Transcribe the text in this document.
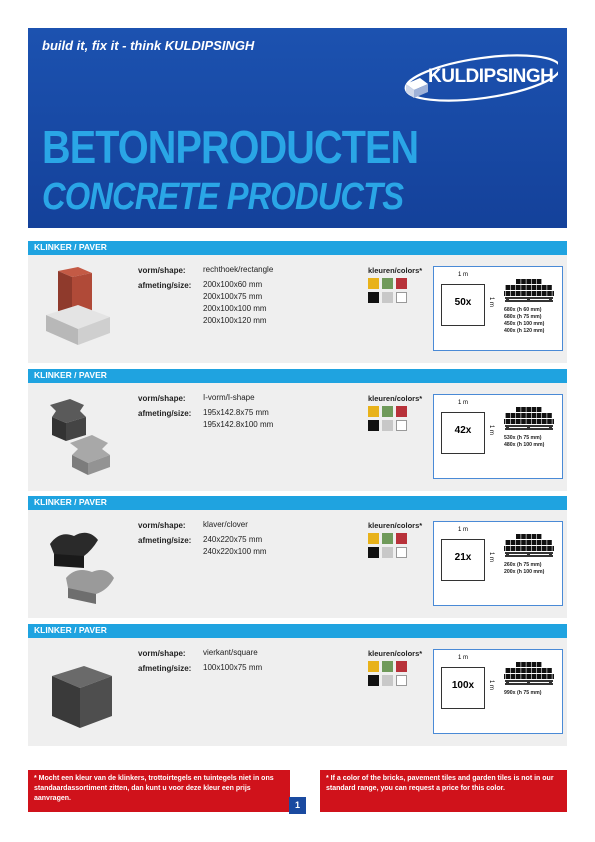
build it, fix it - think KULDIPSINGH
KULDIPSINGH
BETONPRODUCTEN
CONCRETE PRODUCTS
KLINKER / PAVER
vorm/shape: rechthoek/rectangle
afmeting/size: 200x100x60 mm
200x100x75 mm
200x100x100 mm
200x100x120 mm
kleuren/colors*	1 m
50x	1 m
680x (h 60 mm)
680x (h 75 mm)
450x (h 100 mm)
400x (h 120 mm)
KLINKER / PAVER
vorm/shape: I-vorm/I-shape
afmeting/size: 195x142.8x75 mm
195x142.8x100 mm
kleuren/colors*	1 m
42x	1 m
530x (h 75 mm)
480x (h 100 mm)
KLINKER / PAVER
vorm/shape: klaver/clover
afmeting/size: 240x220x75 mm
240x220x100 mm
kleuren/colors*	1 m
21x	1 m
260x (h 75 mm)
200x (h 100 mm)
KLINKER / PAVER
vorm/shape: vierkant/square
afmeting/size: 100x100x75 mm
kleuren/colors*	1 m
100x	1 m
990x (h 75 mm)
* Mocht een kleur van de klinkers, trottoirtegels en tuintegels niet in ons standaardassortiment zitten, dan kunt u voor deze kleur een prijs aanvragen.
* If a color of the bricks, pavement tiles and garden tiles is not in our standard range, you can request a price for this color.
1
